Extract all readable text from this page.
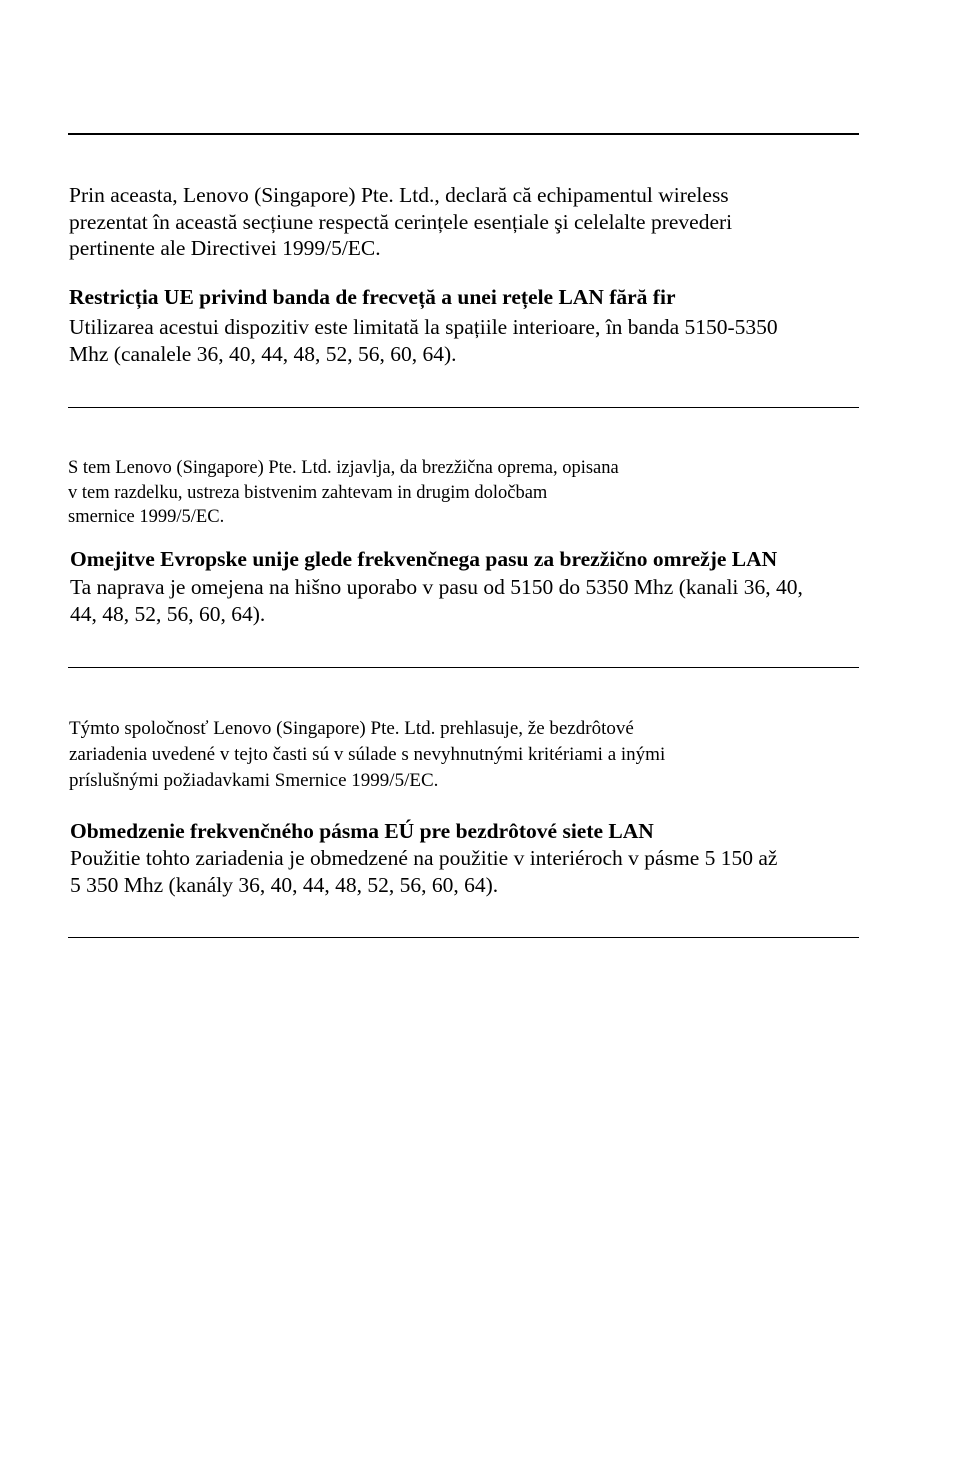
Prin aceasta, Lenovo (Singapore) Pte. Ltd., declară că echipamentul wireless
prezentat în această secțiune respectă cerințele esențiale şi celelalte prevederi
pertinente ale Directivei 1999/5/EC.

Restricția UE privind banda de frecveță a unei rețele LAN fără fir

Utilizarea acestui dispozitiv este limitată la spațiile interioare, în banda 5150-5350
Mhz (canalele 36, 40, 44, 48, 52, 56, 60, 64).

S tem Lenovo (Singapore) Pte. Ltd. izjavlja, da brezžična oprema, opisana
v tem razdelku, ustreza bistvenim zahtevam in drugim določbam
smernice 1999/5/EC.

Omejitve Evropske unije glede frekvenčnega pasu za brezžično omrežje LAN

Ta naprava je omejena na hišno uporabo v pasu od 5150 do 5350 Mhz (kanali 36, 40,
44, 48, 52, 56, 60, 64).

Týmto spoločnosť Lenovo (Singapore) Pte. Ltd. prehlasuje, že bezdrôtové
zariadenia uvedené v tejto časti sú v súlade s nevyhnutnými kritériami a inými
príslušnými požiadavkami Smernice 1999/5/EC.

Obmedzenie frekvenčného pásma EÚ pre bezdrôtové siete LAN

Použitie tohto zariadenia je obmedzené na použitie v interiéroch v pásme 5 150 až
5 350 Mhz (kanály 36, 40, 44, 48, 52, 56, 60, 64).
